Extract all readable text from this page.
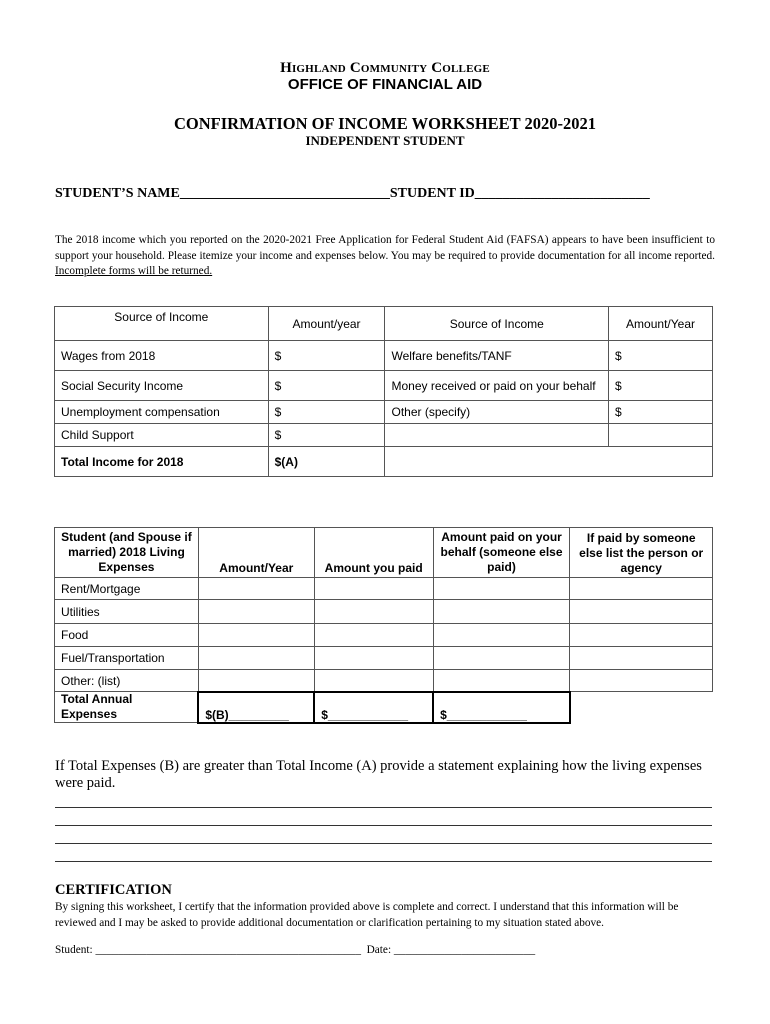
Highland Community College
OFFICE OF FINANCIAL AID
CONFIRMATION OF INCOME WORKSHEET 2020-2021
INDEPENDENT STUDENT
STUDENT’S NAME______________________________STUDENT ID_________________________
The 2018 income which you reported on the 2020-2021 Free Application for Federal Student Aid (FAFSA) appears to have been insufficient to support your household. Please itemize your income and expenses below. You may be required to provide documentation for all income reported. Incomplete forms will be returned.
Source of Income	Amount/year	Source of Income	Amount/Year
Wages from 2018	$	Welfare benefits/TANF	$
Social Security Income	$	Money received or paid on your behalf	$
Unemployment compensation	$	Other (specify)	$
Child Support	$		
Total Income for 2018	$(A)		
Student (and Spouse if married) 2018 Living Expenses	Amount/Year	Amount you paid	Amount paid on your behalf (someone else paid)	If paid by someone else list the person or agency
Rent/Mortgage				
Utilities				
Food				
Fuel/Transportation				
Other: (list)				
Total Annual Expenses	$(B)_________	$____________	$____________	
If Total Expenses (B) are greater than Total Income (A) provide a statement explaining how the living expenses were paid.
CERTIFICATION
By signing this worksheet, I certify that the information provided above is complete and correct. I understand that this information will be reviewed and I may be asked to provide additional documentation or clarification pertaining to my situation stated above.
Student: _______________________________________________  Date: _________________________
